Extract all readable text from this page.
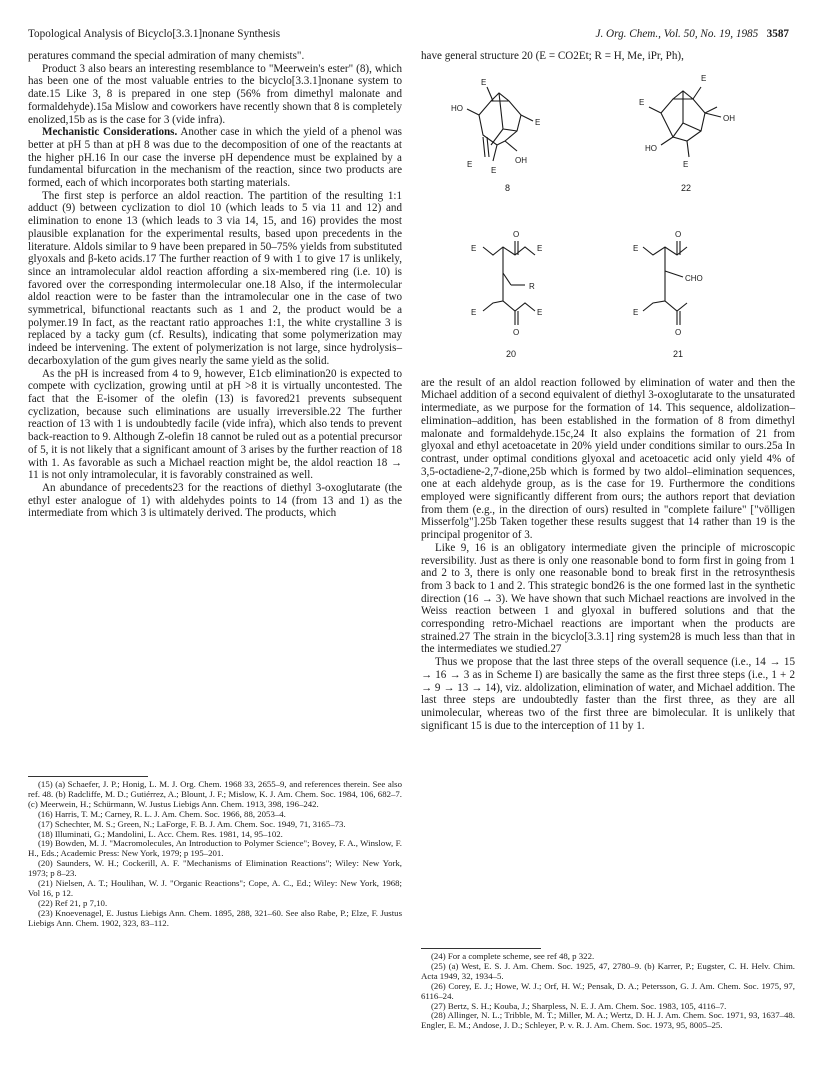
Topological Analysis of Bicyclo[3.3.1]nonane Synthesis	J. Org. Chem., Vol. 50, No. 19, 1985 3587

peratures command the special admiration of many chemists".

Product 3 also bears an interesting resemblance to "Meerwein's ester" (8), which has been one of the most valuable entries to the bicyclo[3.3.1]nonane system to date.15 Like 3, 8 is prepared in one step (56% from dimethyl malonate and formaldehyde).15a Mislow and coworkers have recently shown that 8 is completely enolized,15b as is the case for 3 (vide infra).

Mechanistic Considerations. Another case in which the yield of a phenol was better at pH 5 than at pH 8 was due to the decomposition of one of the reactants at the higher pH.16 In our case the inverse pH dependence must be explained by a fundamental bifurcation in the mechanism of the reaction, since two products are formed, each of which incorporates both starting materials.

The first step is perforce an aldol reaction. The partition of the resulting 1:1 adduct (9) between cyclization to diol 10 (which leads to 5 via 11 and 12) and elimination to enone 13 (which leads to 3 via 14, 15, and 16) provides the most plausible explanation for the experimental results, based upon precedents in the literature. Aldols similar to 9 have been prepared in 50–75% yields from substituted glyoxals and β-keto acids.17 The further reaction of 9 with 1 to give 17 is unlikely, since an intramolecular aldol reaction affording a six-membered ring (i.e. 10) is favored over the corresponding intermolecular one.18 Also, if the intermolecular aldol reaction were to be faster than the intramolecular one in the case of two symmetrical, bifunctional reactants such as 1 and 2, the product would be a polymer.19 In fact, as the reactant ratio approaches 1:1, the white crystalline 3 is replaced by a tacky gum (cf. Results), indicating that some polymerization may indeed be intervening. The extent of polymerization is not large, since hydrolysis–decarboxylation of the gum gives nearly the same yield as the solid.

As the pH is increased from 4 to 9, however, E1cb elimination20 is expected to compete with cyclization, growing until at pH >8 it is virtually uncontested. The fact that the E-isomer of the olefin (13) is favored21 prevents subsequent cyclization, because such eliminations are usually irreversible.22 The further reaction of 13 with 1 is undoubtedly facile (vide infra), which also tends to prevent back-reaction to 9. Although Z-olefin 18 cannot be ruled out as a potential precursor of 5, it is not likely that a significant amount of 3 arises by the further reaction of 18 with 1. As favorable as such a Michael reaction might be, the aldol reaction 18 → 11 is not only intramolecular, it is favorably constrained as well.

An abundance of precedents23 for the reactions of diethyl 3-oxoglutarate (the ethyl ester analogue of 1) with aldehydes points to 14 (from 13 and 1) as the intermediate from which 3 is ultimately derived. The products, which

(15) (a) Schaefer, J. P.; Honig, L. M. J. Org. Chem. 1968 33, 2655–9, and references therein. See also ref. 48. (b) Radcliffe, M. D.; Gutiérrez, A.; Blount, J. F.; Mislow, K. J. Am. Chem. Soc. 1984, 106, 682–7. (c) Meerwein, H.; Schürmann, W. Justus Liebigs Ann. Chem. 1913, 398, 196–242.

(16) Harris, T. M.; Carney, R. L. J. Am. Chem. Soc. 1966, 88, 2053–4.

(17) Schechter, M. S.; Green, N.; LaForge, F. B. J. Am. Chem. Soc. 1949, 71, 3165–73.

(18) Illuminati, G.; Mandolini, L. Acc. Chem. Res. 1981, 14, 95–102.

(19) Bowden, M. J. "Macromolecules, An Introduction to Polymer Science"; Bovey, F. A., Winslow, F. H., Eds.; Academic Press: New York, 1979; p 195–201.

(20) Saunders, W. H.; Cockerill, A. F. "Mechanisms of Elimination Reactions"; Wiley: New York, 1973; p 8–23.

(21) Nielsen, A. T.; Houlihan, W. J. "Organic Reactions"; Cope, A. C., Ed.; Wiley: New York, 1968; Vol 16, p 12.

(22) Ref 21, p 7,10.

(23) Knoevenagel, E. Justus Liebigs Ann. Chem. 1895, 288, 321–60. See also Rabe, P.; Elze, F. Justus Liebigs Ann. Chem. 1902, 323, 83–112.

have general structure 20 (E = CO2Et; R = H, Me, iPr, Ph),

HO
E
E
E
E
OH
8
E
E
OH
HO
E
22
E	E
O
R
E	E
O
20
E
O
CHO
E
O
21

are the result of an aldol reaction followed by elimination of water and then the Michael addition of a second equivalent of diethyl 3-oxoglutarate to the unsaturated intermediate, as we purpose for the formation of 14. This sequence, aldolization–elimination–addition, has been established in the formation of 8 from dimethyl malonate and formaldehyde.15c,24 It also explains the formation of 21 from glyoxal and ethyl acetoacetate in 20% yield under conditions similar to ours.25a In contrast, under optimal conditions glyoxal and acetoacetic acid only yield 4% of 3,5-octadiene-2,7-dione,25b which is formed by two aldol–elimination sequences, one at each aldehyde group, as is the case for 19. Furthermore the conditions employed were significantly different from ours; the authors report that deviation from them (e.g., in the direction of ours) resulted in "complete failure" ["völligen Misserfolg"].25b Taken together these results suggest that 14 rather than 19 is the principal progenitor of 3.

Like 9, 16 is an obligatory intermediate given the principle of microscopic reversibility. Just as there is only one reasonable bond to form first in going from 1 and 2 to 3, there is only one reasonable bond to break first in the retrosynthesis from 3 back to 1 and 2. This strategic bond26 is the one formed last in the synthetic direction (16 → 3). We have shown that such Michael reactions are involved in the Weiss reaction between 1 and glyoxal in buffered solutions and that the corresponding retro-Michael reactions are important when the products are strained.27 The strain in the bicyclo[3.3.1] ring system28 is much less than that in the intermediates we studied.27

Thus we propose that the last three steps of the overall sequence (i.e., 14 → 15 → 16 → 3 as in Scheme I) are basically the same as the first three steps (i.e., 1 + 2 → 9 → 13 → 14), viz. aldolization, elimination of water, and Michael addition. The last three steps are undoubtedly faster than the first three, as they are all unimolecular, whereas two of the first three are bimolecular. It is unlikely that significant 15 is due to the interception of 11 by 1.

(24) For a complete scheme, see ref 48, p 322.

(25) (a) West, E. S. J. Am. Chem. Soc. 1925, 47, 2780–9. (b) Karrer, P.; Eugster, C. H. Helv. Chim. Acta 1949, 32, 1934–5.

(26) Corey, E. J.; Howe, W. J.; Orf, H. W.; Pensak, D. A.; Petersson, G. J. Am. Chem. Soc. 1975, 97, 6116–24.

(27) Bertz, S. H.; Kouba, J.; Sharpless, N. E. J. Am. Chem. Soc. 1983, 105, 4116–7.

(28) Allinger, N. L.; Tribble, M. T.; Miller, M. A.; Wertz, D. H. J. Am. Chem. Soc. 1971, 93, 1637–48. Engler, E. M.; Andose, J. D.; Schleyer, P. v. R. J. Am. Chem. Soc. 1973, 95, 8005–25.
